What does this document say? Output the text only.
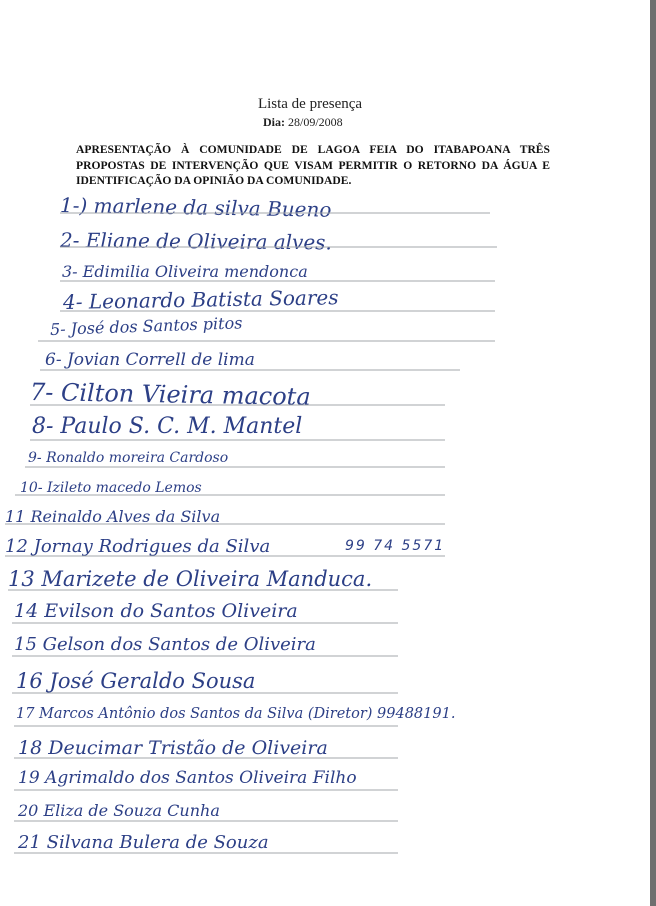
Lista de presença
Dia: 28/09/2008
APRESENTAÇÃO À COMUNIDADE DE LAGOA FEIA DO ITABAPOANA TRÊS PROPOSTAS DE INTERVENÇÃO QUE VISAM PERMITIR O RETORNO DA ÁGUA E IDENTIFICAÇÃO DA OPINIÃO DA COMUNIDADE.
1-) marlene da silva Bueno
2- Eliane de Oliveira alves.
3- Edimilia Oliveira mendonca
4- Leonardo Batista Soares
5- José dos Santos pitos
6- Jovian Correll de lima
7- Cilton Vieira macota
8- Paulo S. C. M. Mantel
9- Ronaldo moreira Cardoso
10- Izileto macedo Lemos
11 Reinaldo Alves da Silva
12 Jornay Rodrigues da Silva	99 74 5571
13 Marizete de Oliveira Manduca.
14 Evilson do Santos Oliveira
15 Gelson dos Santos de Oliveira
16 José Geraldo Sousa
17 Marcos Antônio dos Santos da Silva (Diretor) 99488191.
18 Deucimar Tristão de Oliveira
19 Agrimaldo dos Santos Oliveira Filho
20 Eliza de Souza Cunha
21 Silvana Bulera de Souza
